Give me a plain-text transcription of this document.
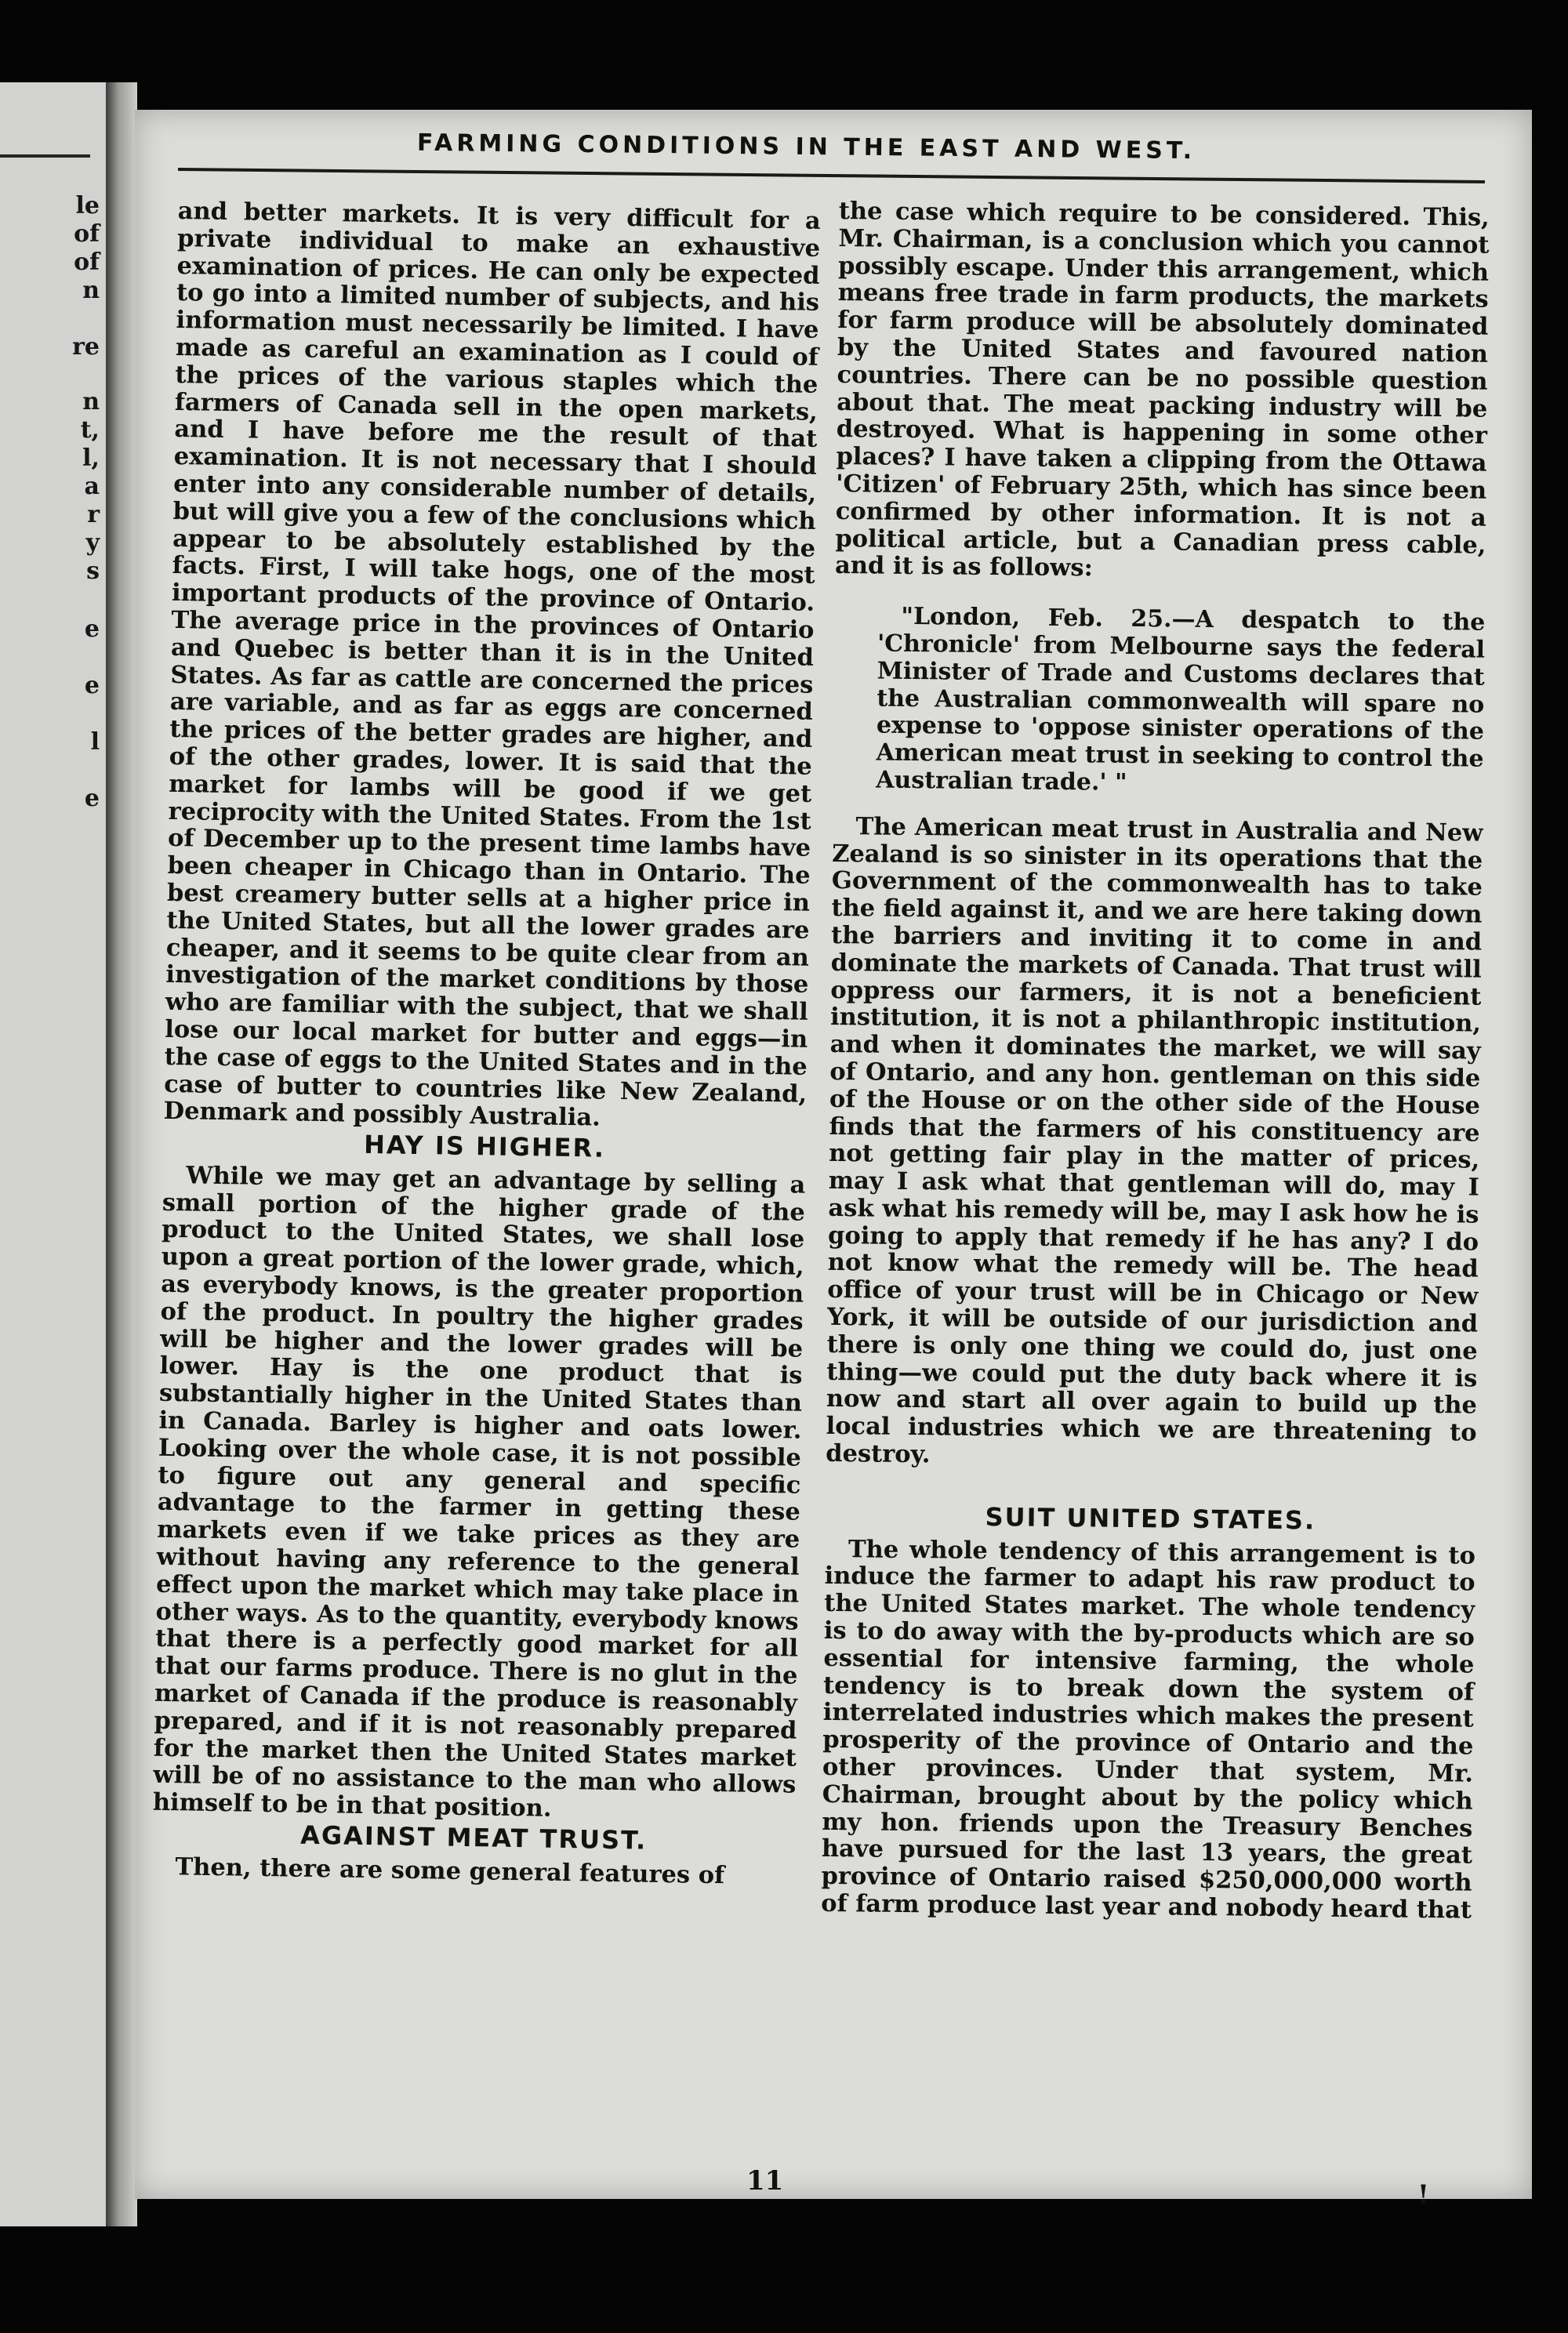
le
of
of
n
re
n
t,
l,
a
r
y
s
e
e
l
e
FARMING CONDITIONS IN THE EAST AND WEST.

and better markets. It is very difficult for a private individual to make an exhaustive examination of prices. He can only be expected to go into a limited number of subjects, and his information must necessarily be limited. I have made as careful an examination as I could of the prices of the various staples which the farmers of Canada sell in the open markets, and I have before me the result of that examination. It is not necessary that I should enter into any considerable number of details, but will give you a few of the conclusions which appear to be absolutely established by the facts. First, I will take hogs, one of the most important products of the province of Ontario. The average price in the provinces of Ontario and Quebec is better than it is in the United States. As far as cattle are concerned the prices are variable, and as far as eggs are concerned the prices of the better grades are higher, and of the other grades, lower. It is said that the market for lambs will be good if we get reciprocity with the United States. From the 1st of December up to the present time lambs have been cheaper in Chicago than in Ontario. The best creamery butter sells at a higher price in the United States, but all the lower grades are cheaper, and it seems to be quite clear from an investigation of the market conditions by those who are familiar with the subject, that we shall lose our local market for butter and eggs—in the case of eggs to the United States and in the case of butter to countries like New Zealand, Denmark and possibly Australia.

HAY IS HIGHER.

While we may get an advantage by selling a small portion of the higher grade of the product to the United States, we shall lose upon a great portion of the lower grade, which, as everybody knows, is the greater proportion of the product. In poultry the higher grades will be higher and the lower grades will be lower. Hay is the one product that is substantially higher in the United States than in Canada. Barley is higher and oats lower. Looking over the whole case, it is not possible to figure out any general and specific advantage to the farmer in getting these markets even if we take prices as they are without having any reference to the general effect upon the market which may take place in other ways. As to the quantity, everybody knows that there is a perfectly good market for all that our farms produce. There is no glut in the market of Canada if the produce is reasonably prepared, and if it is not reasonably prepared for the market then the United States market will be of no assistance to the man who allows himself to be in that position.

AGAINST MEAT TRUST.

Then, there are some general features of

the case which require to be considered. This, Mr. Chairman, is a conclusion which you cannot possibly escape. Under this arrangement, which means free trade in farm products, the markets for farm produce will be absolutely dominated by the United States and favoured nation countries. There can be no possible question about that. The meat packing industry will be destroyed. What is happening in some other places? I have taken a clipping from the Ottawa 'Citizen' of February 25th, which has since been confirmed by other information. It is not a political article, but a Canadian press cable, and it is as follows:

"London, Feb. 25.—A despatch to the 'Chronicle' from Melbourne says the federal Minister of Trade and Customs declares that the Australian commonwealth will spare no expense to 'oppose sinister operations of the American meat trust in seeking to control the Australian trade.' "

The American meat trust in Australia and New Zealand is so sinister in its operations that the Government of the commonwealth has to take the field against it, and we are here taking down the barriers and inviting it to come in and dominate the markets of Canada. That trust will oppress our farmers, it is not a beneficient institution, it is not a philanthropic institution, and when it dominates the market, we will say of Ontario, and any hon. gentleman on this side of the House or on the other side of the House finds that the farmers of his constituency are not getting fair play in the matter of prices, may I ask what that gentleman will do, may I ask what his remedy will be, may I ask how he is going to apply that remedy if he has any? I do not know what the remedy will be. The head office of your trust will be in Chicago or New York, it will be outside of our jurisdiction and there is only one thing we could do, just one thing—we could put the duty back where it is now and start all over again to build up the local industries which we are threatening to destroy.

SUIT UNITED STATES.

The whole tendency of this arrangement is to induce the farmer to adapt his raw product to the United States market. The whole tendency is to do away with the by-products which are so essential for intensive farming, the whole tendency is to break down the system of interrelated industries which makes the present prosperity of the province of Ontario and the other provinces. Under that system, Mr. Chairman, brought about by the policy which my hon. friends upon the Treasury Benches have pursued for the last 13 years, the great province of Ontario raised $250,000,000 worth of farm produce last year and nobody heard that

11	!
